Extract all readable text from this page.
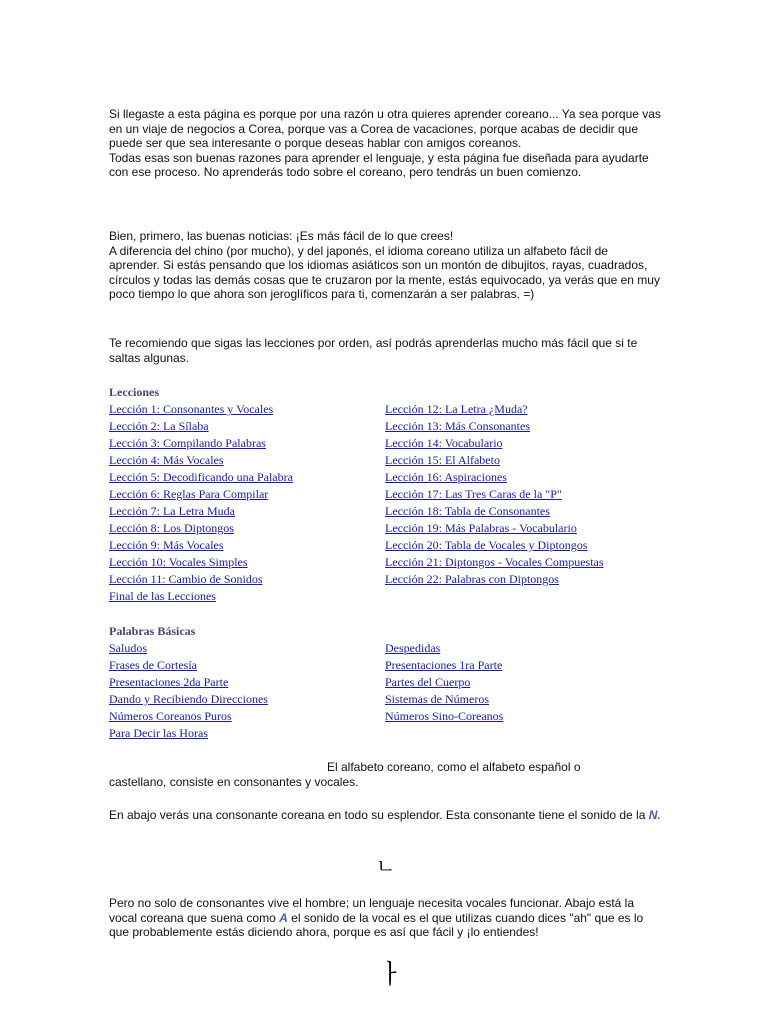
Si llegaste a esta página es porque por una razón u otra quieres aprender coreano... Ya sea porque vas en un viaje de negocios a Corea, porque vas a Corea de vacaciones, porque acabas de decidir que puede ser que sea interesante o porque deseas hablar con amigos coreanos.

Todas esas son buenas razones para aprender el lenguaje, y esta página fue diseñada para ayudarte con ese proceso. No aprenderás todo sobre el coreano, pero tendrás un buen comienzo.

Bien, primero, las buenas noticias: ¡Es más fácil de lo que crees!

A diferencia del chino (por mucho), y del japonés, el idioma coreano utiliza un alfabeto fácil de aprender. Si estás pensando que los idiomas asiáticos son un montón de dibujitos, rayas, cuadrados, círculos y todas las demás cosas que te cruzaron por la mente, estás equivocado, ya verás que en muy poco tiempo lo que ahora son jeroglíficos para ti, comenzarán a ser palabras. =)

Te recomiendo que sigas las lecciones por orden, así podrás aprenderlas mucho más fácil que si te saltas algunas.

Lecciones
Lección 1: Consonantes y Vocales
Lección 2: La Sílaba
Lección 3: Compilando Palabras
Lección 4: Más Vocales
Lección 5: Decodificando una Palabra
Lección 6: Reglas Para Compilar
Lección 7: La Letra Muda
Lección 8: Los Diptongos
Lección 9: Más Vocales
Lección 10: Vocales Simples
Lección 11: Cambio de Sonidos
Final de las Lecciones
Lección 12: La Letra ¿Muda?
Lección 13: Más Consonantes
Lección 14: Vocabulario
Lección 15: El Alfabeto
Lección 16: Aspiraciones
Lección 17: Las Tres Caras de la "P"
Lección 18: Tabla de Consonantes
Lección 19: Más Palabras - Vocabulario
Lección 20: Tabla de Vocales y Diptongos
Lección 21: Diptongos - Vocales Compuestas
Lección 22: Palabras con Diptongos
Palabras Básicas
Saludos
Frases de Cortesía
Presentaciones 2da Parte
Dando y Recibiendo Direcciones
Números Coreanos Puros
Para Decir las Horas
Despedidas
Presentaciones 1ra Parte
Partes del Cuerpo
Sistemas de Números
Números Sino-Coreanos
El alfabeto coreano, como el alfabeto español o
castellano, consiste en consonantes y vocales.
En abajo verás una consonante coreana en todo su esplendor. Esta consonante tiene el sonido de la N.
ㄴ
Pero no solo de consonantes vive el hombre; un lenguaje necesita vocales funcionar. Abajo está la vocal coreana que suena como A el sonido de la vocal es el que utilizas cuando dices "ah" que es lo que probablemente estás diciendo ahora, porque es así que fácil y ¡lo entiendes!
ㅏ
